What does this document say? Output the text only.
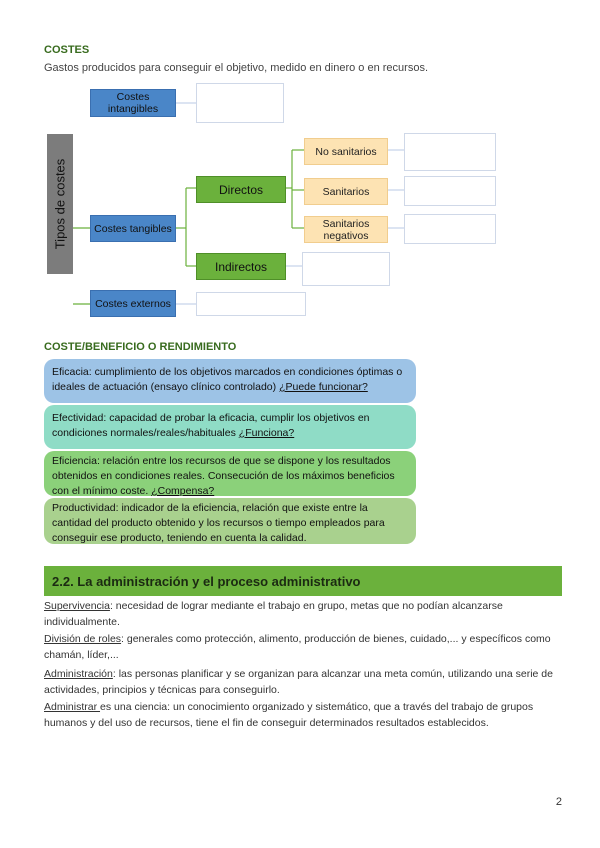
COSTES
Gastos producidos para conseguir el objetivo, medido en dinero o en recursos.
Tipos de costes
Costes intangibles
Costes tangibles
Costes externos
Directos
Indirectos
No sanitarios
Sanitarios
Sanitarios negativos
COSTE/BENEFICIO O RENDIMIENTO
Eficacia: cumplimiento de los objetivos marcados en condiciones óptimas o ideales de actuación (ensayo clínico controlado) ¿Puede funcionar?
Efectividad: capacidad de probar la eficacia, cumplir los objetivos en condiciones normales/reales/habituales ¿Funciona?
Eficiencia: relación entre los recursos de que se dispone y los resultados obtenidos en condiciones reales. Consecución de los máximos beneficios con el mínimo coste. ¿Compensa?
Productividad: indicador de la eficiencia, relación que existe entre la cantidad del producto obtenido y los recursos o tiempo empleados para conseguir ese producto, teniendo en cuenta la calidad.
2.2. La administración y el proceso administrativo
Supervivencia: necesidad de lograr mediante el trabajo en grupo, metas que no podían alcanzarse individualmente.
División de roles: generales como protección, alimento, producción de bienes, cuidado,... y específicos como chamán, líder,...
Administración: las personas planificar y se organizan para alcanzar una meta común, utilizando una serie de actividades, principios y técnicas para conseguirlo.
Administrar es una ciencia: un conocimiento organizado y sistemático, que a través del trabajo de grupos humanos y del uso de recursos, tiene el fin de conseguir determinados resultados establecidos.
2
